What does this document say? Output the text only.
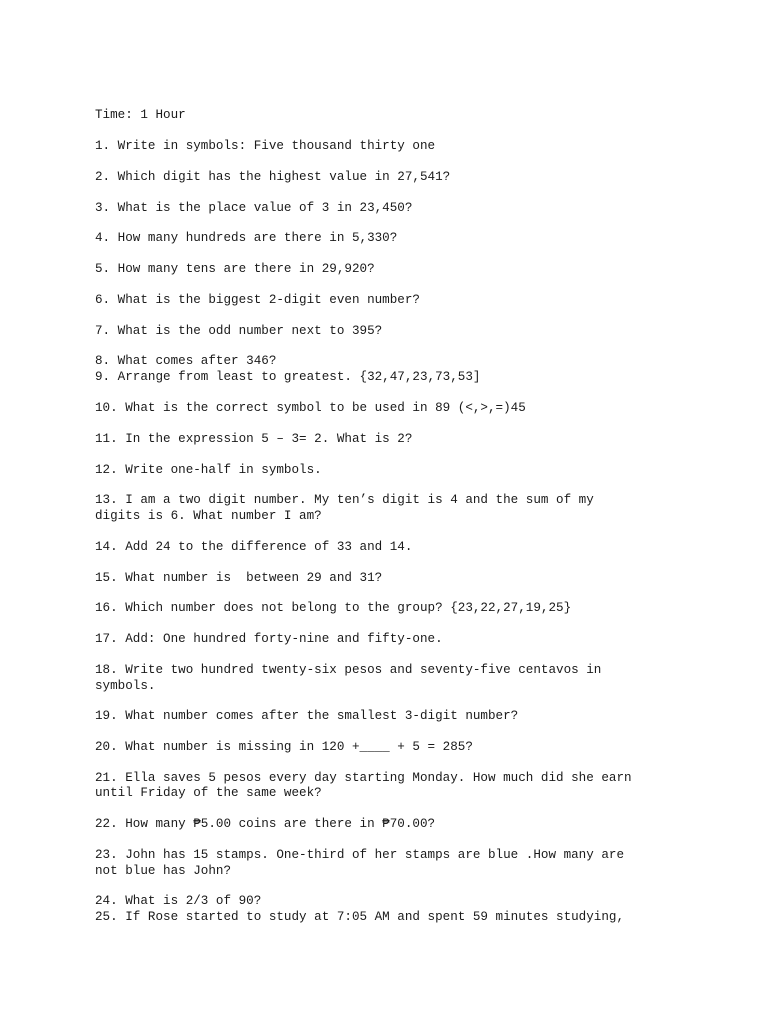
Time: 1 Hour
1. Write in symbols: Five thousand thirty one
2. Which digit has the highest value in 27,541?
3. What is the place value of 3 in 23,450?
4. How many hundreds are there in 5,330?
5. How many tens are there in 29,920?
6. What is the biggest 2-digit even number?
7. What is the odd number next to 395?
8. What comes after 346?
9. Arrange from least to greatest. {32,47,23,73,53]
10. What is the correct symbol to be used in 89 (<,>,=)45
11. In the expression 5 – 3= 2. What is 2?
12. Write one-half in symbols.
13. I am a two digit number. My ten’s digit is 4 and the sum of my
digits is 6. What number I am?
14. Add 24 to the difference of 33 and 14.
15. What number is  between 29 and 31?
16. Which number does not belong to the group? {23,22,27,19,25}
17. Add: One hundred forty-nine and fifty-one.
18. Write two hundred twenty-six pesos and seventy-five centavos in
symbols.
19. What number comes after the smallest 3-digit number?
20. What number is missing in 120 +____ + 5 = 285?
21. Ella saves 5 pesos every day starting Monday. How much did she earn
until Friday of the same week?
22. How many ₱5.00 coins are there in ₱70.00?
23. John has 15 stamps. One-third of her stamps are blue .How many are
not blue has John?
24. What is 2/3 of 90?
25. If Rose started to study at 7:05 AM and spent 59 minutes studying,
